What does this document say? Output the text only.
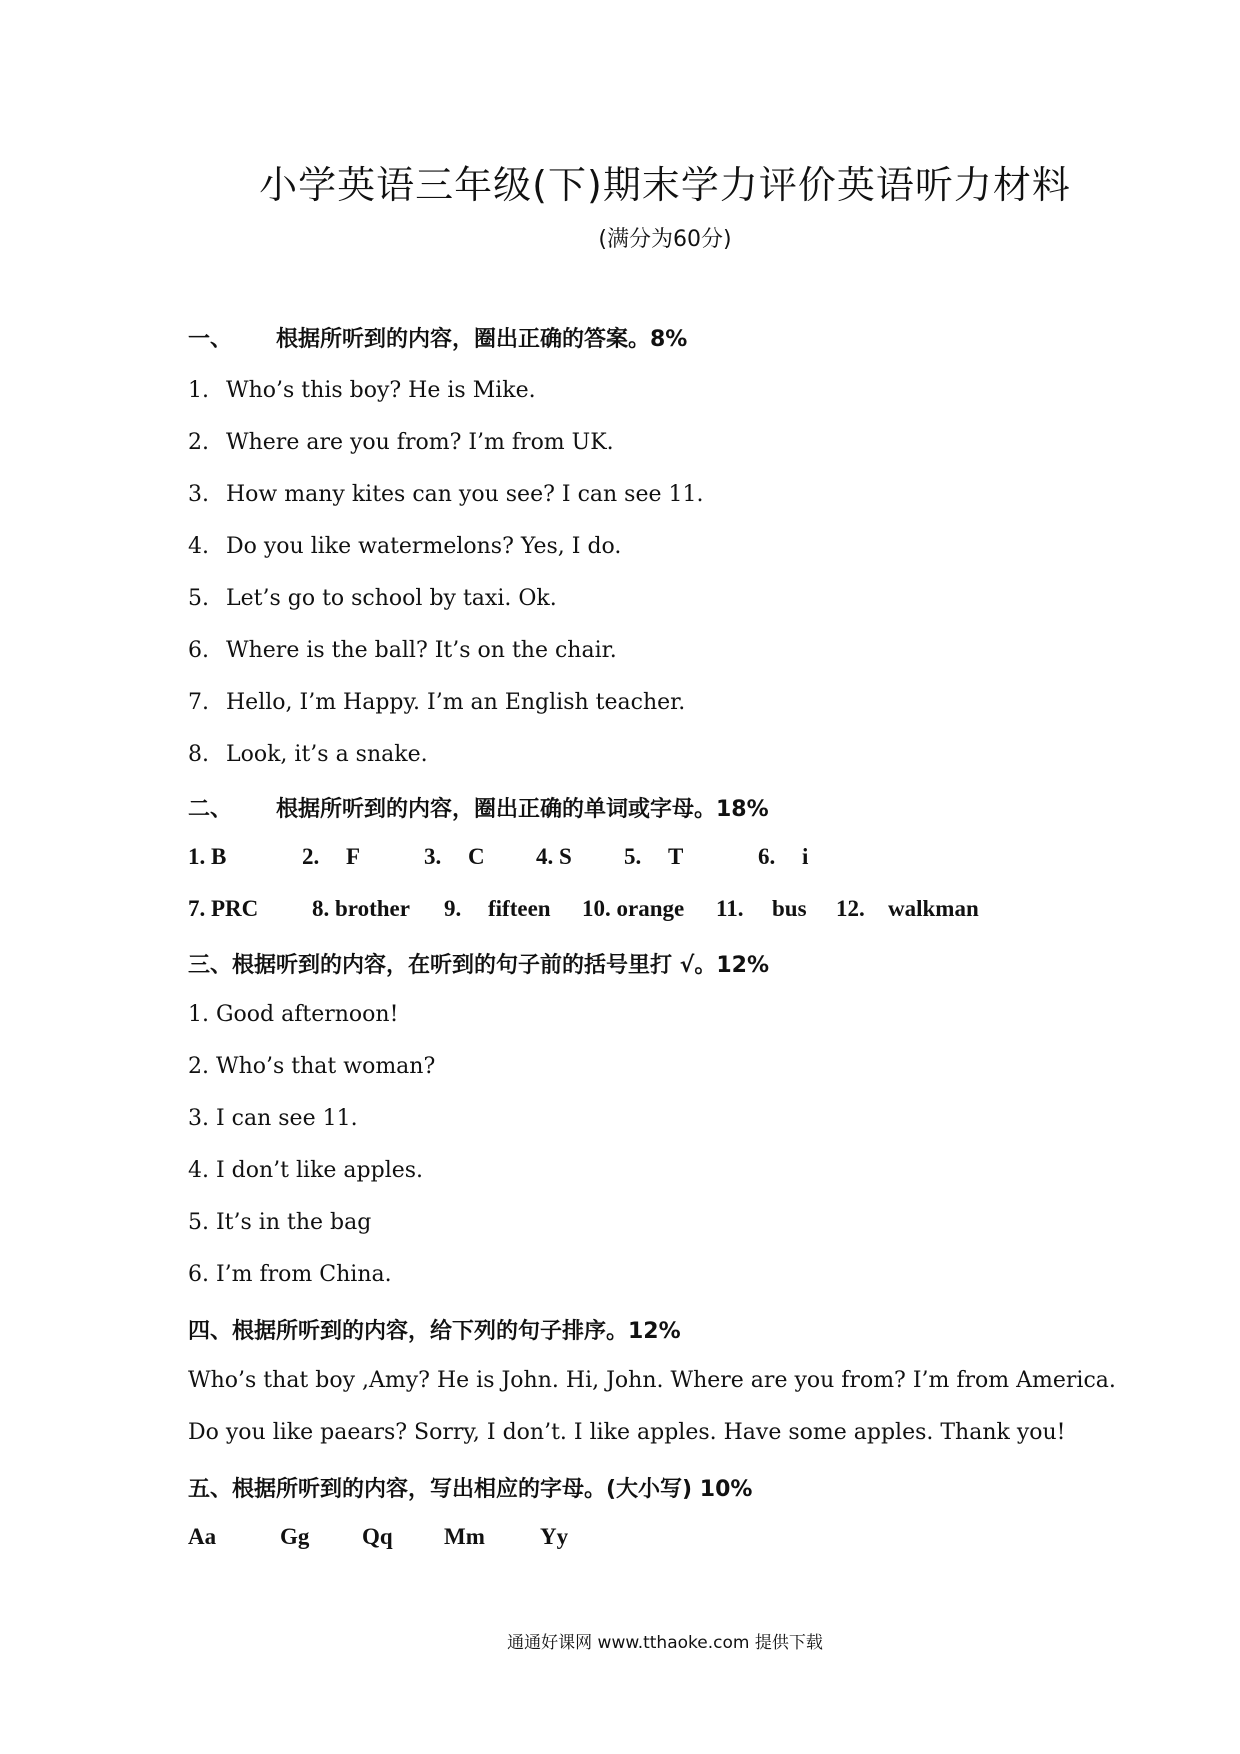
小学英语三年级(下)期末学力评价英语听力材料
(满分为60分)
一、 根据所听到的内容，圈出正确的答案。8%
1. Who’s this boy? He is Mike.
2. Where are you from? I’m from UK.
3. How many kites can you see? I can see 11.
4. Do you like watermelons? Yes, I do.
5. Let’s go to school by taxi. Ok.
6. Where is the ball? It’s on the chair.
7. Hello, I’m Happy. I’m an English teacher.
8. Look, it’s a snake.
二、 根据所听到的内容，圈出正确的单词或字母。18%
1. B	2. F	3. C 4. S 5. T	6. i
7. PRC 8. brother 9. fifteen 10. orange 11. bus 12. walkman
三、根据听到的内容，在听到的句子前的括号里打 √。12%
1. Good afternoon!
2. Who’s that woman?
3. I can see 11.
4. I don’t like apples.
5. It’s in the bag
6. I’m from China.
四、根据所听到的内容，给下列的句子排序。12%
Who’s that boy ,Amy? He is John. Hi, John. Where are you from? I’m from America.
Do you like paears? Sorry, I don’t. I like apples. Have some apples. Thank you!
五、根据所听到的内容，写出相应的字母。(大小写) 10%
Aa	Gg Qq Mm Yy
通通好课网 www.tthaoke.com 提供下载
